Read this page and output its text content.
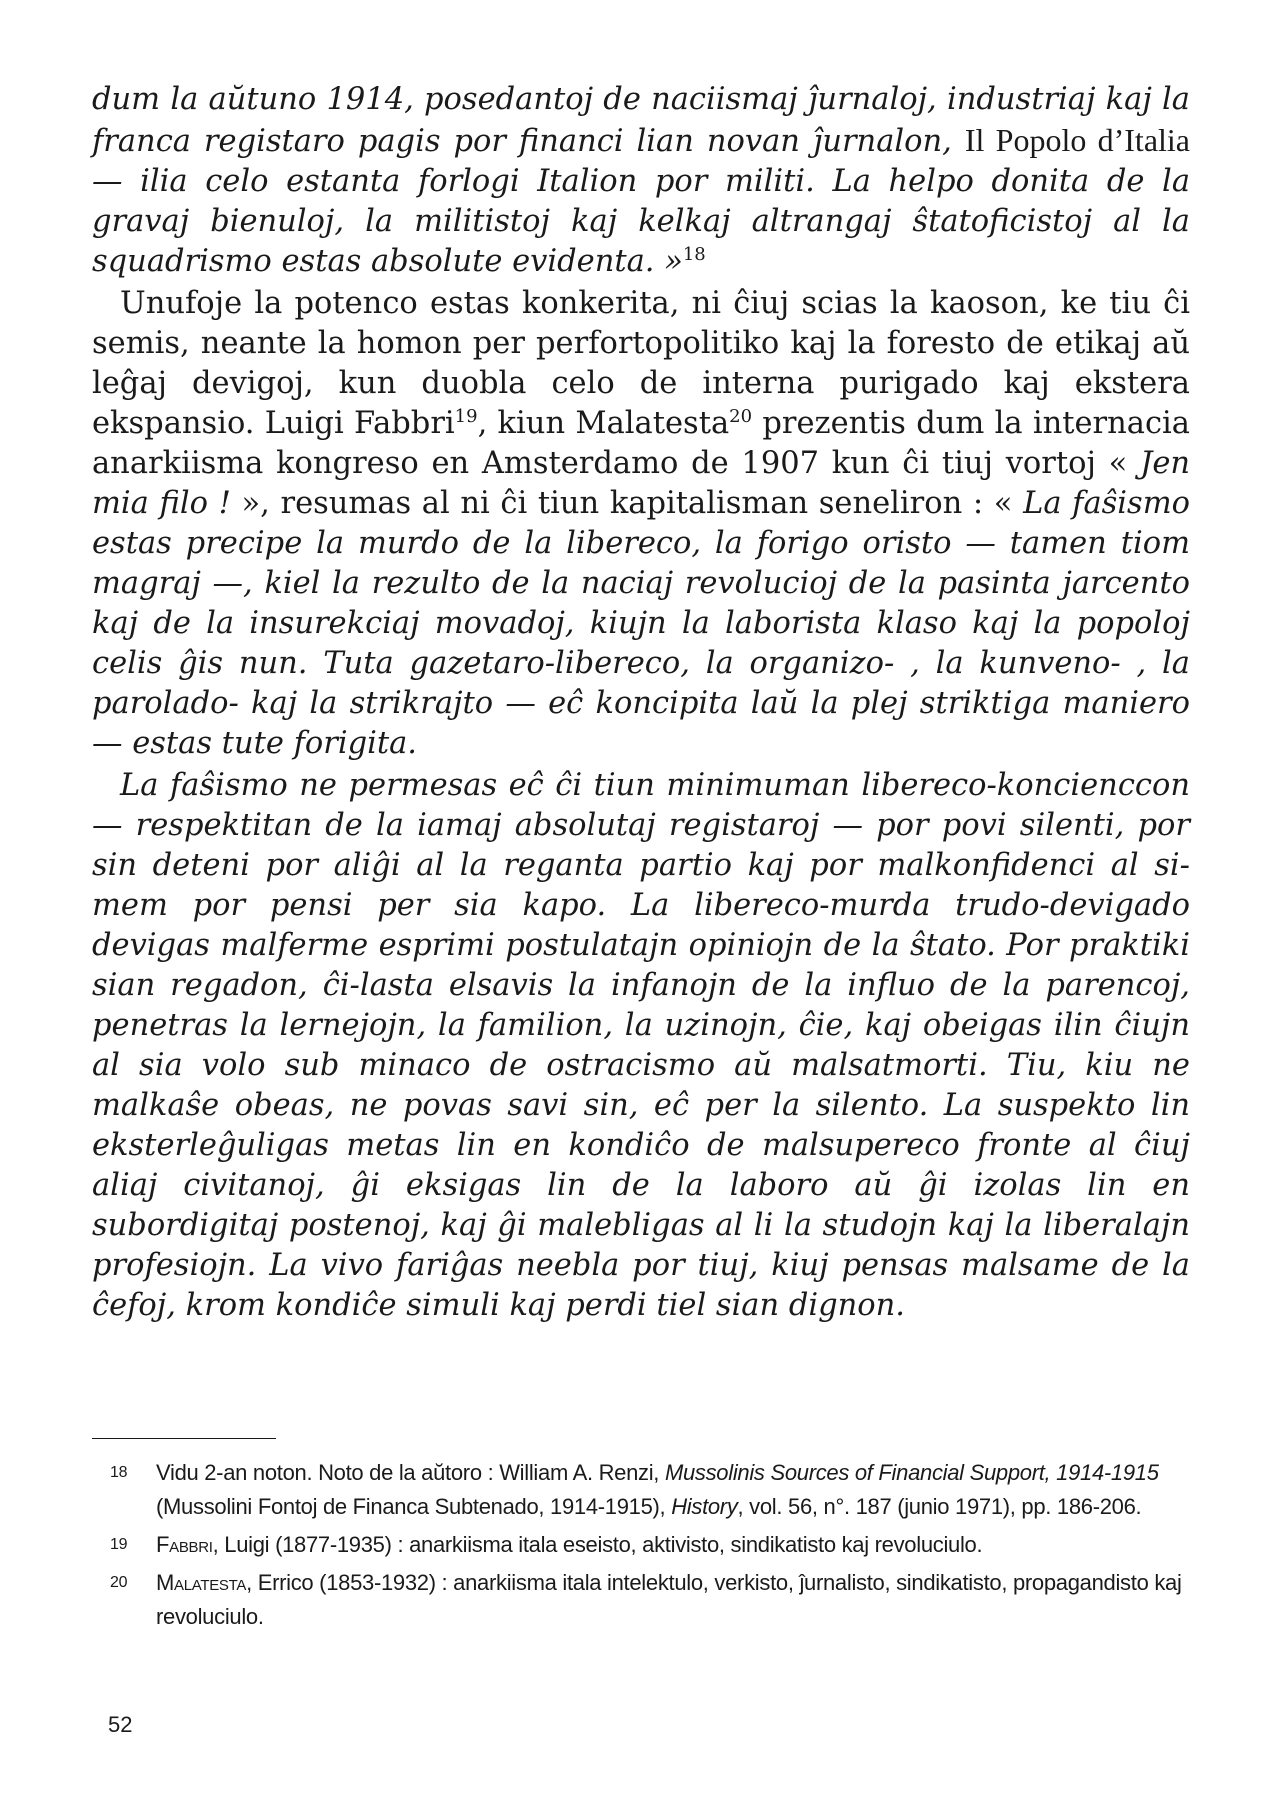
dum la aŭtuno 1914, posedantoj de naciismaj ĵurnaloj, industriaj kaj la franca registaro pagis por financi lian novan ĵurnalon, Il Popolo d’Italia — ilia celo estanta forlogi Italion por militi. La helpo donita de la gravaj bienuloj, la militistoj kaj kelkaj altrangaj ŝtatoficistoj al la squadrismo estas absolute evidenta. »$^{18}$

Unufoje la potenco estas konkerita, ni ĉiuj scias la kaoson, ke tiu ĉi semis, neante la homon per perfortopolitiko kaj la foresto de etikaj aŭ leĝaj devigoj, kun duobla celo de interna purigado kaj ekstera ekspansio. Luigi Fabbri$^{19}$, kiun Malatesta$^{20}$ prezentis dum la internacia anarkiisma kongreso en Amsterdamo de 1907 kun ĉi tiuj vortoj « Jen mia filo ! », resumas al ni ĉi tiun kapitalisman seneliron : « La faŝismo estas precipe la murdo de la libereco, la forigo oristo — tamen tiom magraj —, kiel la rezulto de la naciaj revolucioj de la pasinta jarcento kaj de la insurekciaj movadoj, kiujn la laborista klaso kaj la popoloj celis ĝis nun. Tuta gazetaro-libereco, la organizo- , la kunveno- , la parolado- kaj la strikrajto — eĉ koncipita laŭ la plej striktiga maniero — estas tute forigita.

La faŝismo ne permesas eĉ ĉi tiun minimuman libereco-koncienccon — respektitan de la iamaj absolutaj registaroj — por povi silenti, por sin deteni por aliĝi al la reganta partio kaj por malkonfidenci al si-mem por pensi per sia kapo. La libereco-murda trudo-devigado devigas malferme esprimi postulatajn opiniojn de la ŝtato. Por praktiki sian regadon, ĉi-lasta elsavis la infanojn de la influo de la parencoj, penetras la lernejojn, la familion, la uzinojn, ĉie, kaj obeigas ilin ĉiujn al sia volo sub minaco de ostracismo aŭ malsatmorti. Tiu, kiu ne malkaŝe obeas, ne povas savi sin, eĉ per la silento. La suspekto lin eksterleĝuligas metas lin en kondiĉo de malsupereco fronte al ĉiuj aliaj civitanoj, ĝi eksigas lin de la laboro aŭ ĝi izolas lin en subordigitaj postenoj, kaj ĝi malebligas al li la studojn kaj la liberalajn profesiojn. La vivo fariĝas neebla por tiuj, kiuj pensas malsame de la ĉefoj, krom kondiĉe simuli kaj perdi tiel sian dignon.

18 Vidu 2-an noton. Noto de la aŭtoro : William A. Renzi, Mussolinis Sources of Financial Support, 1914-1915 (Mussolini Fontoj de Financa Subtenado, 1914-1915), History, vol. 56, n°. 187 (junio 1971), pp. 186-206.
19 Fabbri, Luigi (1877-1935) : anarkiisma itala eseisto, aktivisto, sindikatisto kaj revoluciulo.
20 Malatesta, Errico (1853-1932) : anarkiisma itala intelektulo, verkisto, ĵurnalisto, sindikatisto, propagandisto kaj revoluciulo.
52
